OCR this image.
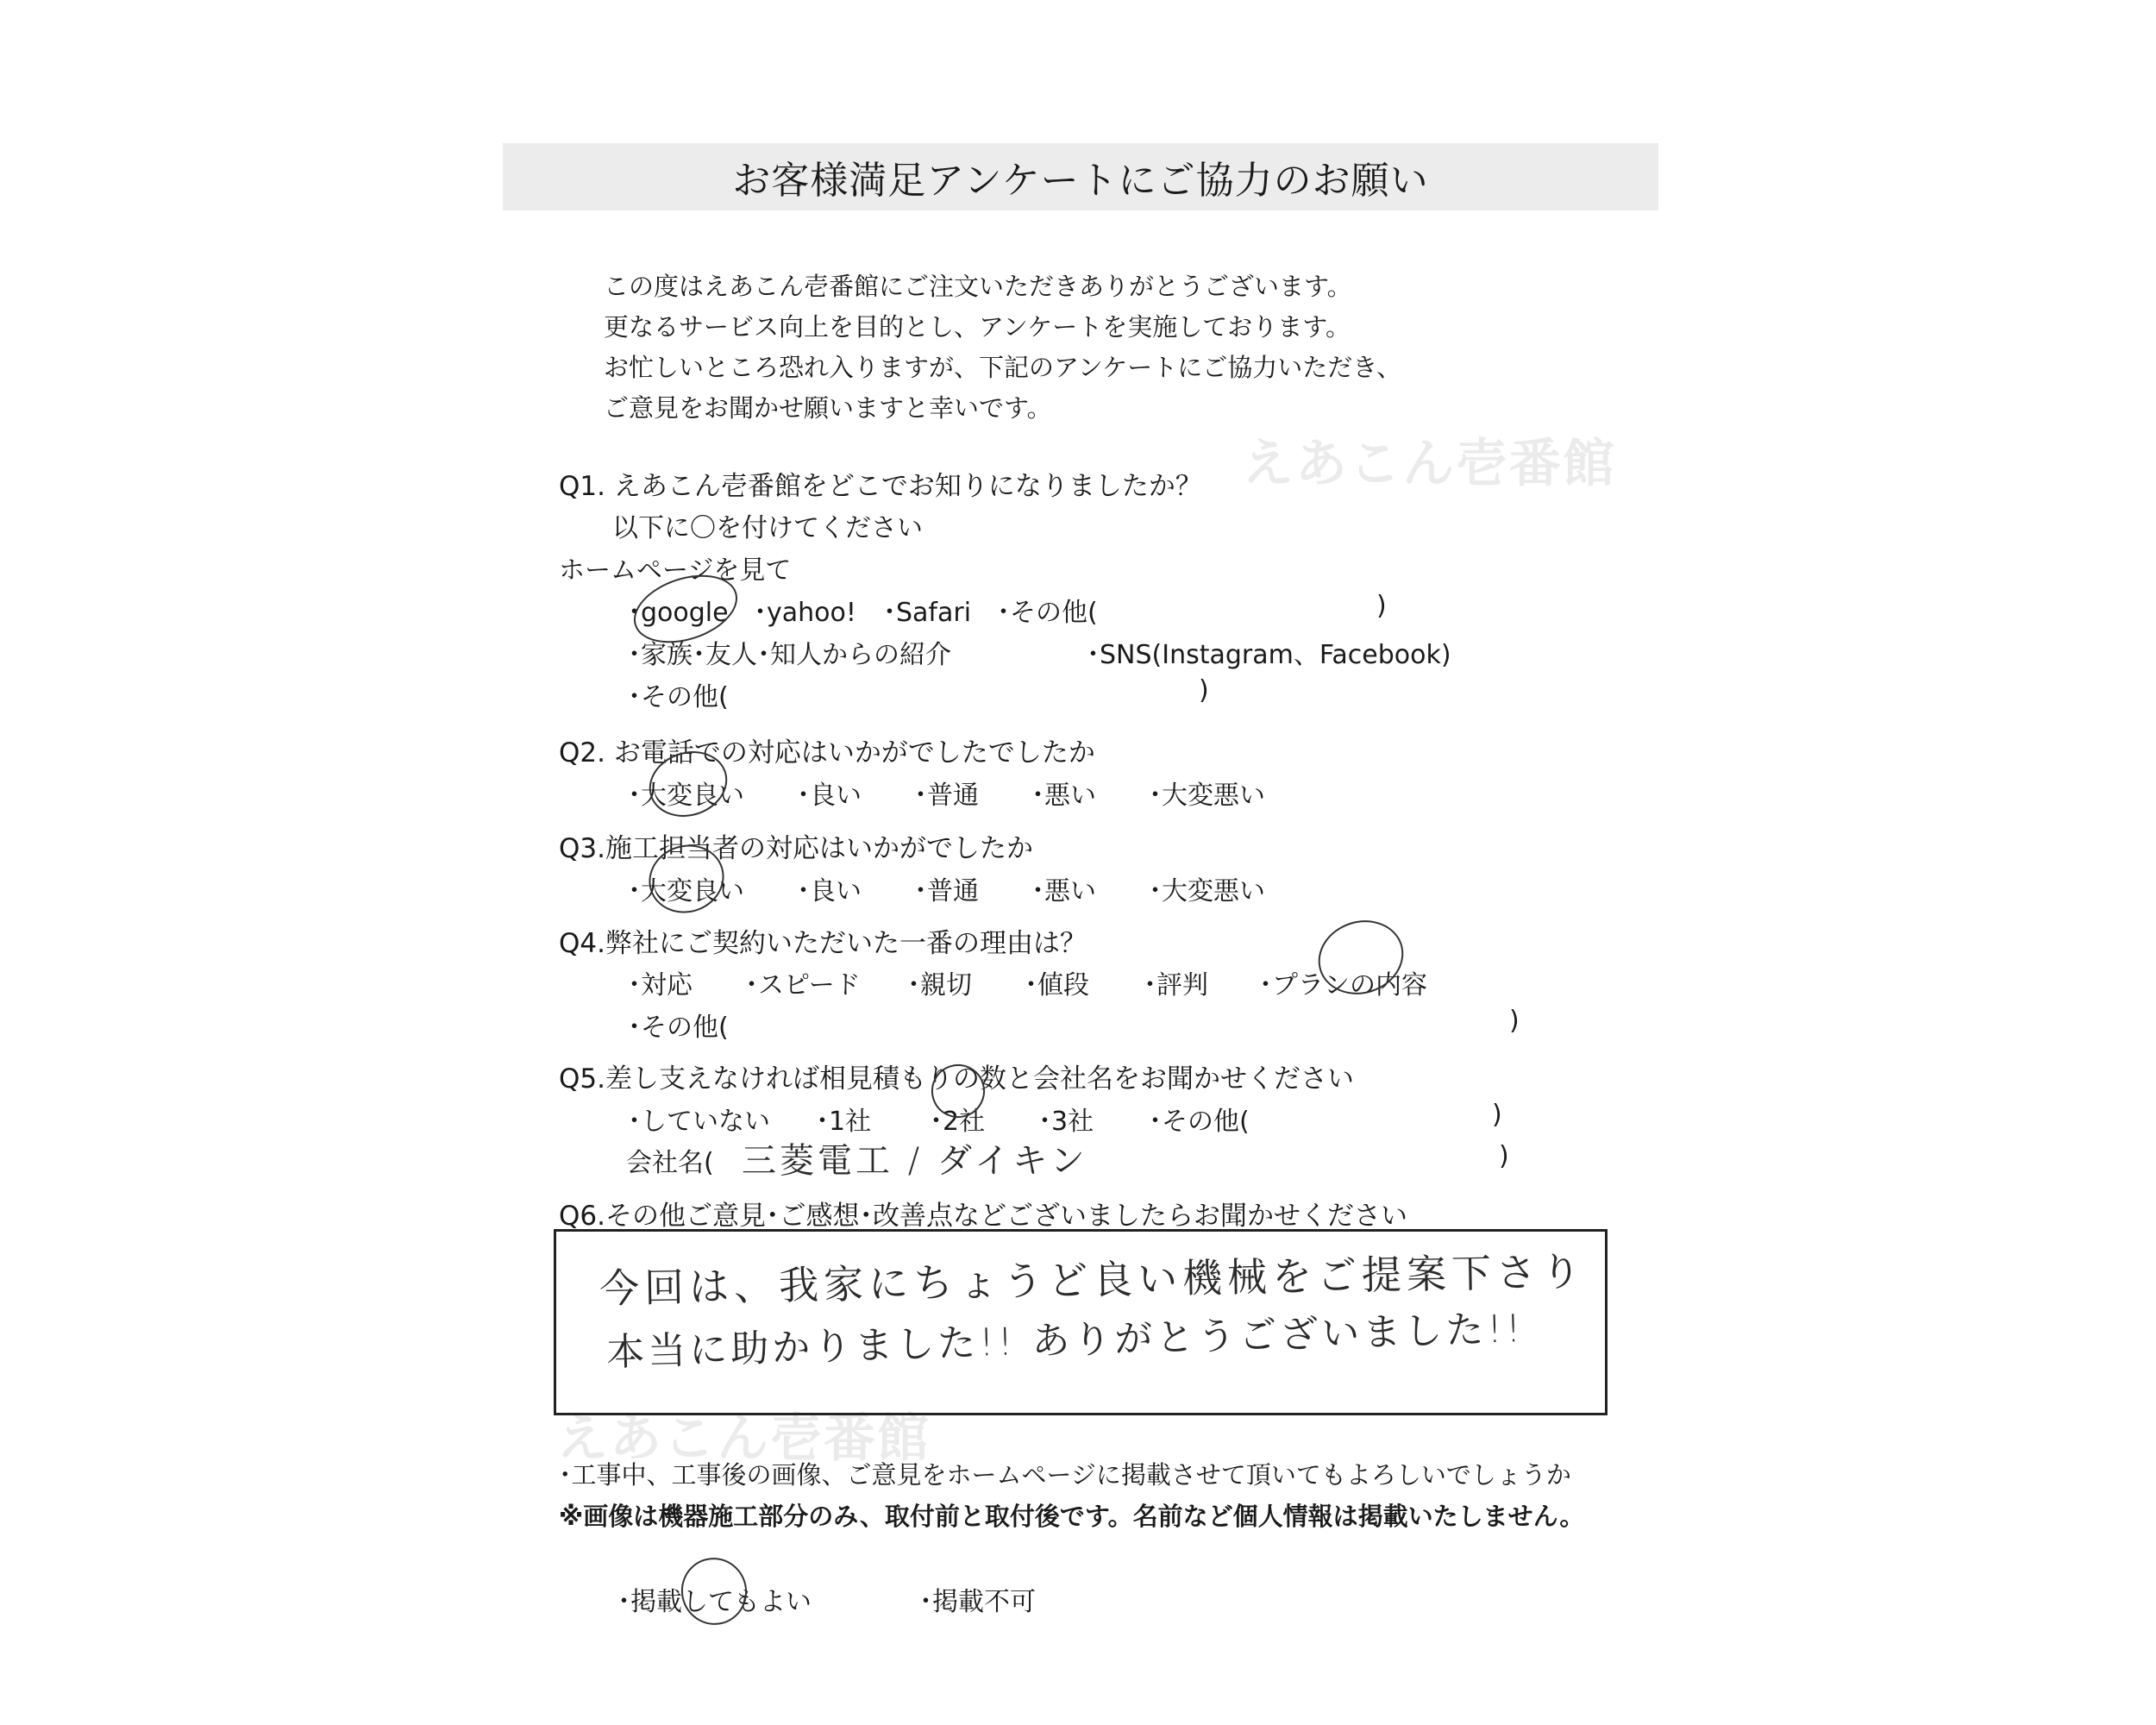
お客様満足アンケートにご協力のお願い
この度はえあこん壱番館にご注文いただきありがとうございます。
更なるサービス向上を目的とし、アンケートを実施しております。
お忙しいところ恐れ入りますが、下記のアンケートにご協力いただき、
ご意見をお聞かせ願いますと幸いです。
えあこん壱番館
えあこん壱番館
Q1. えあこん壱番館をどこでお知りになりましたか？
以下に〇を付けてください
ホームページを見て
･google ･yahoo! ･Safari ･その他(	)
･家族･友人･知人からの紹介	･SNS(Instagram、Facebook)
･その他(	)
Q2. お電話での対応はいかがでしたでしたか
･大変良い ･良い ･普通 ･悪い ･大変悪い
Q3.施工担当者の対応はいかがでしたか
･大変良い ･良い ･普通 ･悪い ･大変悪い
Q4.弊社にご契約いただいた一番の理由は？
･対応 ･スピード ･親切 ･値段 ･評判 ･プランの内容
･その他(	)
Q5.差し支えなければ相見積もりの数と会社名をお聞かせください
･していない ･1社 ･2社 ･3社 ･その他(	)
会社名( 三菱電工 / ダイキン	)
Q6.その他ご意見･ご感想･改善点などございましたらお聞かせください
今回は、我家にちょうど良い機械をご提案下さり
本当に助かりました!! ありがとうございました!!
･工事中、工事後の画像、ご意見をホームページに掲載させて頂いてもよろしいでしょうか
※画像は機器施工部分のみ、取付前と取付後です。名前など個人情報は掲載いたしません。
･掲載してもよい	･掲載不可
